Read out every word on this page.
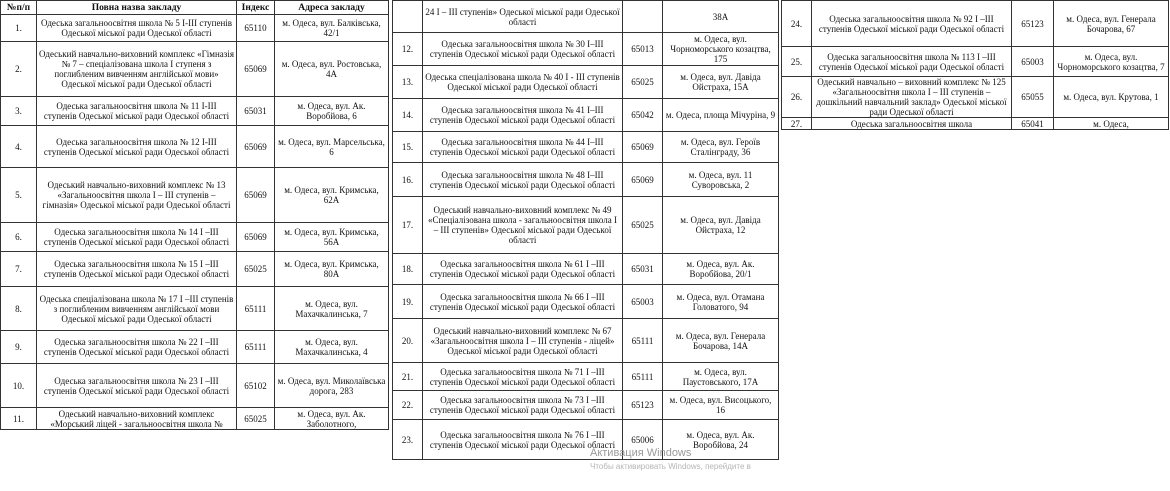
№п/п	Повна назва закладу	Індекс	Адреса закладу
1.	Одеська загальноосвітня школа № 5 І-ІІІ ступенів Одеської міської ради Одеської області	65110	м. Одеса, вул. Балківська, 42/1
2.	Одеський навчально-виховний комплекс «Гімназія № 7 – спеціалізована школа І ступеня з поглибленим вивченням англійської мови» Одеської міської ради Одеської області	65069	м. Одеса, вул. Ростовська, 4А
3.	Одеська загальноосвітня школа № 11 І-ІІІ ступенів Одеської міської ради Одеської області	65031	м. Одеса, вул. Ак. Воробйова, 6
4.	Одеська загальноосвітня школа № 12 І-ІІІ ступенів Одеської міської ради Одеської області	65069	м. Одеса, вул. Марсельська, 6
5.	Одеський навчально-виховний комплекс № 13 «Загальноосвітня школа І – ІІІ ступенів – гімназія» Одеської міської ради Одеської області	65069	м. Одеса, вул. Кримська, 62А
6.	Одеська загальноосвітня школа № 14 І –ІІІ ступенів Одеської міської ради Одеської області	65069	м. Одеса, вул. Кримська, 56А
7.	Одеська загальноосвітня школа № 15 І –ІІІ ступенів Одеської міської ради Одеської області	65025	м. Одеса, вул. Кримська, 80А
8.	Одеська спеціалізована школа № 17 І –ІІІ ступенів з поглибленим вивченням англійської мови Одеської міської ради Одеської області	65111	м. Одеса, вул. Махачкалинська, 7
9.	Одеська загальноосвітня школа № 22 І –ІІІ ступенів Одеської міської ради Одеської області	65111	м. Одеса, вул. Махачкалинська, 4
10.	Одеська загальноосвітня школа № 23 І –ІІІ ступенів Одеської міської ради Одеської області	65102	м. Одеса, вул. Миколаївська дорога, 283
11.	Одеський навчально-виховний комплекс «Морський ліцей - загальноосвітня школа №	65025	м. Одеса, вул. Ак. Заболотного,
	24 І – ІІІ ступенів» Одеської міської ради Одеської області		38А
12.	Одеська загальноосвітня школа № 30 І–ІІІ ступенів Одеської міської ради Одеської області	65013	м. Одеса, вул. Чорноморського козацтва, 175
13.	Одеська спеціалізована школа № 40 І - ІІІ ступенів Одеської міської ради Одеської області	65025	м. Одеса, вул. Давіда Ойстраха, 15А
14.	Одеська загальноосвітня школа № 41 І–ІІІ ступенів Одеської міської ради Одеської області	65042	м. Одеса, площа Мічуріна, 9
15.	Одеська загальноосвітня школа № 44 І–ІІІ ступенів Одеської міської ради Одеської області	65069	м. Одеса, вул. Героїв Сталінграду, 36
16.	Одеська загальноосвітня школа № 48 І–ІІІ ступенів Одеської міської ради Одеської області	65069	м. Одеса, вул. 11 Суворовська, 2
17.	Одеський навчально-виховний комплекс № 49 «Спеціалізована школа - загальноосвітня школа І – ІІІ ступенів» Одеської міської ради Одеської області	65025	м. Одеса, вул. Давіда Ойстраха, 12
18.	Одеська загальноосвітня школа № 61 І –ІІІ ступенів Одеської міської ради Одеської області	65031	м. Одеса, вул. Ак. Воробйова, 20/1
19.	Одеська загальноосвітня школа № 66 І –ІІІ ступенів Одеської міської ради Одеської області	65003	м. Одеса, вул. Отамана Головатого, 94
20.	Одеський навчально-виховний комплекс № 67 «Загальноосвітня школа І – ІІІ ступенів - ліцей» Одеської міської ради Одеської області	65111	м. Одеса, вул. Генерала Бочарова, 14А
21.	Одеська загальноосвітня школа № 71 І –ІІІ ступенів Одеської міської ради Одеської області	65111	м. Одеса, вул. Паустовського, 17А
22.	Одеська загальноосвітня школа № 73 І –ІІІ ступенів Одеської міської ради Одеської області	65123	м. Одеса, вул. Висоцького, 16
23.	Одеська загальноосвітня школа № 76 І –ІІІ ступенів Одеської міської ради Одеської області	65006	м. Одеса, вул. Ак. Воробйова, 24
24.	Одеська загальноосвітня школа № 92 І –ІІІ ступенів Одеської міської ради Одеської області	65123	м. Одеса, вул. Генерала Бочарова, 67
25.	Одеська загальноосвітня школа № 113 І –ІІІ ступенів Одеської міської ради Одеської області	65003	м. Одеса, вул. Чорноморського козацтва, 7
26.	Одеський навчально – виховний комплекс № 125 «Загальноосвітня школа І – ІІІ ступенів – дошкільний навчальний заклад» Одеської міської ради Одеської області	65055	м. Одеса, вул. Крутова, 1
27.	Одеська загальноосвітня школа	65041	м. Одеса,
Активация Windows
Чтобы активировать Windows, перейдите в
